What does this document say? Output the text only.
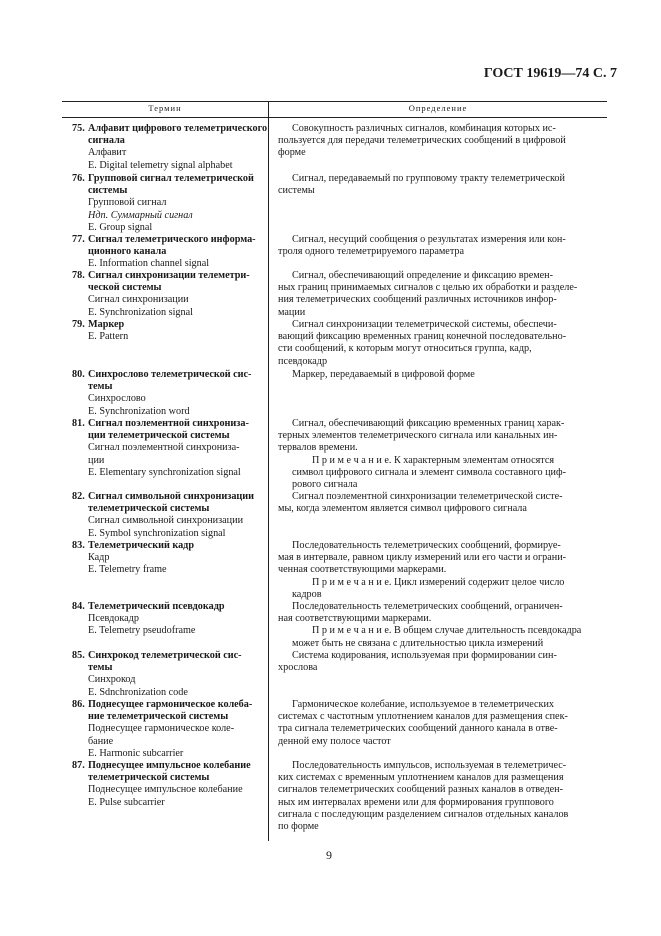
ГОСТ 19619—74 С. 7
Термин	Определение
75. Алфавит цифрового телеметрического
сигнала
Алфавит
E. Digital telemetry signal alphabet
Совокупность различных сигналов, комбинация которых ис-
пользуется для передачи телеметрических сообщений в цифровой
форме
76. Групповой сигнал телеметрической
системы
Групповой сигнал
Ндп. Суммарный сигнал
E. Group signal
Сигнал, передаваемый по групповому тракту телеметрической
системы
77. Сигнал телеметрического информа-
ционного канала
E. Information channel signal
Сигнал, несущий сообщения о результатах измерения или кон-
троля одного телеметрируемого параметра
78. Сигнал синхронизации телеметри-
ческой системы
Сигнал синхронизации
E. Synchronization signal
Сигнал, обеспечивающий определение и фиксацию времен-
ных границ принимаемых сигналов с целью их обработки и разделе-
ния телеметрических сообщений различных источников инфор-
мации
79. Маркер
E. Pattern
Сигнал синхронизации телеметрической системы, обеспечи-
вающий фиксацию временных границ конечной последовательно-
сти сообщений, к которым могут относиться группа, кадр,
псевдокадр
80. Синхрослово телеметрической сис-
темы
Синхрослово
E. Synchronization word
Маркер, передаваемый в цифровой форме
81. Сигнал поэлементной синхрониза-
ции телеметрической системы
Сигнал поэлементной синхрониза-
ции
E. Elementary synchronization signal
Сигнал, обеспечивающий фиксацию временных границ харак-
терных элементов телеметрического сигнала или канальных ин-
тервалов времени.
П р и м е ч а н и е. К характерным элементам относятся
символ цифрового сигнала и элемент символа составного циф-
рового сигнала
82. Сигнал символьной синхронизации
телеметрической системы
Сигнал символьной синхронизации
E. Symbol synchronization signal
Сигнал поэлементной синхронизации телеметрической систе-
мы, когда элементом является символ цифрового сигнала
83. Телеметрический кадр
Кадр
E. Telemetry frame
Последовательность телеметрических сообщений, формируе-
мая в интервале, равном циклу измерений или его части и ограни-
ченная соответствующими маркерами.
П р и м е ч а н и е. Цикл измерений содержит целое число
кадров
84. Телеметрический псевдокадр
Псевдокадр
E. Telemetry pseudoframe
Последовательность телеметрических сообщений, ограничен-
ная соответствующими маркерами.
П р и м е ч а н и е. В общем случае длительность псевдокадра
может быть не связана с длительностью цикла измерений
85. Синхрокод телеметрической сис-
темы
Синхрокод
E. Sdnchronization code
Система кодирования, используемая при формировании син-
хрослова
86. Поднесущее гармоническое колеба-
ние телеметрической системы
Поднесущее гармоническое коле-
бание
E. Harmonic subcarrier
Гармоническое колебание, используемое в телеметрических
системах с частотным уплотнением каналов для размещения спек-
тра сигнала телеметрических сообщений данного канала в отве-
денной ему полосе частот
87. Поднесущее импульсное колебание
телеметрической системы
Поднесущее импульсное колебание
E. Pulse subcarrier
Последовательность импульсов, используемая в телеметричес-
ких системах с временным уплотнением каналов для размещения
сигналов телеметрических сообщений разных каналов в отведен-
ных им интервалах времени или для формирования группового
сигнала с последующим разделением сигналов отдельных каналов
по форме
9
